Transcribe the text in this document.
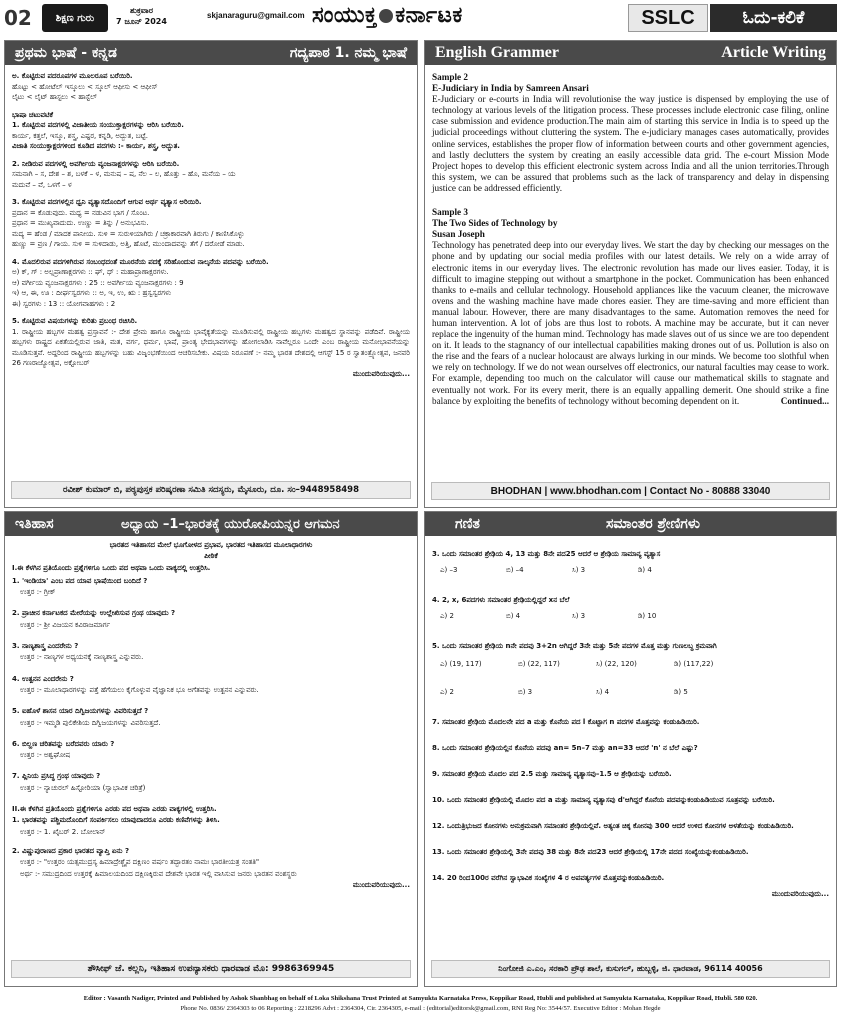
02	ಶಿಕ್ಷಣ ಗುರು
ಶುಕ್ರವಾರ
7 ಜೂನ್ 2024
skjanaraguru@gmail.com ಸಂಯುಕ್ತ ಕರ್ನಾಟಕ	SSLC	ಓದು-ಕಲಿಕೆ
ಪ್ರಥಮ ಭಾಷೆ - ಕನ್ನಡ	ಗದ್ಯಪಾಠ 1. ನಮ್ಮ ಭಾಷೆ
ಅ. ಕೊಟ್ಟಿರುವ ಪದರೂಪಗಳ ಮೂಲರೂಪ ಬರೆಯಿರಿ.
ಹೊಟ್ಟು < ಹೋಟೆಲ್ ಇಸ್ಕೂಲು < ಸ್ಕೂಲ್ ಆಫೀಸು < ಆಫೀಸ್
ಲೈಟು < ಲೈಟ್ ಹಾಸ್ಟಲು < ಹಾಸ್ಟೆಲ್
ಭಾಷಾ ಚಟುವಟಿಕೆ
1. ಕೊಟ್ಟಿರುವ ಪದಗಳಲ್ಲಿ ವಿಜಾತೀಯ ಸಂಯುಕ್ತಾಕ್ಷರಗಳನ್ನು ಆರಿಸಿ ಬರೆಯಿರಿ.
ಕಾರ್ಯ, ಕತ್ತಲೆ, ಇಸ್ಕೂ, ಶಸ್ತ್ರ, ಎಷ್ಟರ, ಕನ್ನಡಿ, ಅದ್ಭುತ, ಬಟ್ಟೆ.
ವಿಜಾತಿ ಸಂಯುಕ್ತಾಕ್ಷರಗಳಿಂದ ಕೂಡಿದ ಪದಗಳು :- ಕಾರ್ಯ, ಶಸ್ತ್ರ, ಅದ್ಭುತ.
2. ನೀಡಿರುವ ಪದಗಳಲ್ಲಿ ಅವರ್ಗೀಯ ವ್ಯಂಜನಾಕ್ಷರಗಳನ್ನು ಆರಿಸಿ ಬರೆಯಿರಿ.
ಸಮನಾಗಿ – ಸ, ದೇಶ – ಶ, ಬಳಕೆ – ಳ, ಮನುಷ – ಷ, ನೆಲ – ಲ, ಹೊತ್ತು – ಹೊ, ಮನೆಯ – ಯ
ಮದುವೆ – ವೆ, ಒಳಗೆ – ಳ
3. ಕೊಟ್ಟಿರುವ ಪದಗಳಲ್ಲಿನ ಧ್ವನಿ ವ್ಯತ್ಯಾಸದೊಂದಿಗೆ ಆಗುವ ಅರ್ಥ ವ್ಯತ್ಯಾಸ ಅರಿಯಿರಿ.
ಪ್ರದಾನ = ಕೊಡುವುದು. ಮಧ್ಯ = ನಡುವಿನ ಭಾಗ / ಸೊಂಟ.
ಪ್ರಧಾನ = ಮುಖ್ಯವಾದುದು. ಉಣ್ಣು = ತಿನ್ನು / ಅನುಭವಿಸು.
ಮದ್ಯ = ಹೆಂಡ / ಮಾದಕ ಪಾನೀಯ. ಸುಳಿ = ಸುರುಳಿಯಾಗಿರು / ಚಕ್ರಾಕಾರವಾಗಿ ತಿರುಗು / ಕಾಣಿಸಿಕೊಳ್ಳು
ಹುಣ್ಣು = ವ್ರಣ / ಗಾಯ. ಸುಳಿ = ಸುಳಿದಾಡು, ಅತ್ತಿ, ಹೊಟೆ, ಮುಂದಾದವನ್ನು ತೆಗೆ / ದರೋಡೆ ಮಾಡು.
4. ಮೊದಲಿರುವ ಪದಗಳಿಗಿರುವ ಸಂಬಂಧದಂತೆ ಮೂರನೆಯ ಪದಕ್ಕೆ ಸರಿಹೊಂದುವ ನಾಲ್ಕನೆಯ ಪದವನ್ನು ಬರೆಯಿರಿ.
ಅ) ಕ್, ಗ್ : ಅಲ್ಪಪ್ರಾಣಾಕ್ಷರಗಳು :: ಘ್, ಧ್ : ಮಹಾಪ್ರಾಣಾಕ್ಷರಗಳು.
ಆ) ವರ್ಗೀಯ ವ್ಯಂಜನಾಕ್ಷರಗಳು : 25 :: ಅವರ್ಗೀಯ ವ್ಯಂಜನಾಕ್ಷರಗಳು : 9
ಇ) ಆ, ಈ, ಊ : ದೀರ್ಘಸ್ವರಗಳು :: ಅ, ಇ, ಉ, ಋ : ಹ್ರಸ್ವಸ್ವರಗಳು
ಈ) ಸ್ವರಗಳು : 13 :: ಯೋಗವಾಹಗಳು : 2
5. ಕೊಟ್ಟಿರುವ ವಿಷಯಗಳನ್ನು ಕುರಿತು ಪ್ರಬಂಧ ರಚಿಸಿರಿ.
1. ರಾಷ್ಟ್ರೀಯ ಹಬ್ಬಗಳ ಮಹತ್ವ ಪ್ರಸ್ತಾವನೆ :- ದೇಶ ಪ್ರೇಮ ಹಾಗೂ ರಾಷ್ಟ್ರೀಯ ಭಾವೈಕ್ಯತೆಯನ್ನು ಮೂಡಿಸುವಲ್ಲಿ ರಾಷ್ಟ್ರೀಯ ಹಬ್ಬಗಳು ಮಹತ್ವದ ಸ್ಥಾನವನ್ನು ಪಡೆದಿವೆ. ರಾಷ್ಟ್ರೀಯ ಹಬ್ಬಗಳು ರಾಷ್ಟ್ರದ ಏಕತೆಯಲ್ಲಿರುವ ಜಾತಿ, ಮತ, ವರ್ಗ, ಧರ್ಮ, ಭಾಷೆ, ಪ್ರಾಂತ್ಯ ಭೇದಭಾವಗಳನ್ನು ಹೋಗಲಾಡಿಸಿ ನಾವೆಲ್ಲರೂ ಒಂದೇ ಎಂಬ ರಾಷ್ಟ್ರೀಯ ಮನೋಭಾವನೆಯನ್ನು ಮೂಡಿಸುತ್ತವೆ. ಅದ್ದರಿಂದ ರಾಷ್ಟ್ರೀಯ ಹಬ್ಬಗಳನ್ನು ಬಹು ವಿಜೃಂಭಣೆಯಿಂದ ಆಚರಿಸಬೇಕು. ವಿಷಯ ನಿರೂಪಣೆ :- ನಮ್ಮ ಭಾರತ ದೇಶದಲ್ಲಿ ಆಗಸ್ಟ್ 15 ರ ಸ್ವಾತಂತ್ರ್ಯೋತ್ಸವ, ಜನವರಿ 26 ಗಣರಾಜ್ಯೋತ್ಸವ, ಅಕ್ಟೋಬರ್
ಮುಂದುವರಿಯುವುದು...
ರವೀಶ್ ಕುಮಾರ್ ಬಿ, ಪಠ್ಯಪುಸ್ತಕ ಪರಿಷ್ಕರಣಾ ಸಮಿತಿ ಸದಸ್ಯರು, ಮೈಸೂರು, ದೂ. ಸಂ–9448958498
English Grammer	Article Writing
Sample 2
E-Judiciary in India by Samreen Ansari
E-Judiciary or e-courts in India will revolutionise the way justice is dispensed by employing the use of technology at various levels of the litigation process. These processes include electronic case filing, online case submission and evidence production.The main aim of starting this service in India is to speed up the judicial proceedings without cluttering the system. The e-judiciary manages cases automatically, provides online services, establishes the proper flow of information between courts and other government agencies, and lastly declutters the system by creating an easily accessible data grid. The e-court Mission Mode Project hopes to develop this efficient electronic system across India and all the union territories.Through this system, we can be assured that problems such as the lack of transparency and delay in dispensing justice can be addressed efficiently.
Sample 3
The Two Sides of Technology by
Susan Joseph
Technology has penetrated deep into our everyday lives. We start the day by checking our messages on the phone and by updating our social media profiles with our latest details. We rely on a wide array of electronic items in our everyday lives. The electronic revolution has made our lives easier. Today, it is difficult to imagine stepping out without a smartphone in the pocket. Communication has been enhanced thanks to e-mails and cellular technology. Household appliances like the vacuum cleaner, the microwave ovens and the washing machine have made chores easier. They are time-saving and more efficient than manual labour. However, there are many disadvantages to the same. Automation removes the need for human intervention. A lot of jobs are thus lost to robots. A machine may be accurate, but it can never replace the ingenuity of the human mind. Technology has made slaves out of us since we are too dependent on it. It leads to the stagnancy of our intellectual capabilities making drones out of us. Pollution is also on the rise and the fears of a nuclear holocaust are always lurking in our minds. We become too slothful when we rely on technology. If we do not wean ourselves off electronics, our natural faculties may cease to work. For example, depending too much on the calculator will cause our mathematical skills to stagnate and eventually not work. For its every merit, there is an equally appalling demerit. One should strike a fine balance by exploiting the benefits of technology without becoming dependent on it.	Continued...
BHODHAN | www.bhodhan.com | Contact No - 80888 33040
ಇತಿಹಾಸ	ಅಧ್ಯಾಯ –1–ಭಾರತಕ್ಕೆ ಯುರೋಪಿಯನ್ನರ ಆಗಮನ
ಭಾರತದ ಇತಿಹಾಸದ ಮೇಲೆ ಭೂಗೋಳದ ಪ್ರಭಾವ, ಭಾರತದ ಇತಿಹಾಸದ ಮೂಲಾಧಾರಗಳು
ಪೀಠಿಕೆ
I.ಈ ಕೆಳಗಿನ ಪ್ರತಿಯೊಂದು ಪ್ರಶ್ನೆಗಳಿಗೂ ಒಂದು ಪದ ಅಥವಾ ಒಂದು ವಾಕ್ಯದಲ್ಲಿ ಉತ್ತರಿಸಿ.
1. 'ಇಂಡಿಯಾ' ಎಂಬ ಪದ ಯಾವ ಭಾಷೆಯಿಂದ ಬಂದಿದೆ ?
ಉತ್ತರ :- ಗ್ರೀಕ್
2. ಪ್ರಾಚೀನ ಕರ್ನಾಟಕದ ಮೇರೆಯನ್ನು ಉಲ್ಲೇಖಿಸುವ ಗ್ರಂಥ ಯಾವುದು ?
ಉತ್ತರ :- ಶ್ರೀ ವಿಜಯನ ಕವಿರಾಜಮಾರ್ಗ
3. ನಾಣ್ಯಶಾಸ್ತ್ರ ಎಂದರೇನು ?
ಉತ್ತರ :- ನಾಣ್ಯಗಳ ಅಧ್ಯಯನಕ್ಕೆ ನಾಣ್ಯಶಾಸ್ತ್ರ ಎನ್ನುವರು.
4. ಉತ್ಖನನ ಎಂದರೇನು ?
ಉತ್ತರ :- ಮೂಲಾಧಾರಗಳನ್ನು ಪತ್ತೆ ಹೆಗೆಯಲು ಕೈಗೊಳ್ಳುವ ವೈಜ್ಞಾನಿಕ ಭೂ ಅಗೆತವನ್ನು ಉತ್ಖನನ ಎನ್ನುವರು.
5. ಐಹೊಳೆ ಶಾಸನ ಯಾರ ದಿಗ್ವಿಜಯಗಳನ್ನು ವಿವರಿಸುತ್ತದೆ ?
ಉತ್ತರ :- ಇಮ್ಮಡಿ ಪುಲಿಕೇಶಿಯ ದಿಗ್ವಿಜಯಗಳನ್ನು ವಿವರಿಸುತ್ತದೆ.
6. ಬಿಲ್ಹಣ ಚರಿತವನ್ನು ಬರೆದವರು ಯಾರು ?
ಉತ್ತರ :- ಅಶ್ವಘೋಷ
7. ಪ್ಲಿನಿಯ ಪ್ರಸಿದ್ಧ ಗ್ರಂಥ ಯಾವುದು ?
ಉತ್ತರ :- ನ್ಯಾಚುರಲ್ ಹಿಸ್ಟೋರಿಯಾ (ಸ್ವಾಭಾವಿಕ ಚರಿತ್ರೆ)
II.ಈ ಕೆಳಗಿನ ಪ್ರತಿಯೊಂದು ಪ್ರಶ್ನೆಗಳಿಗೂ ಎರಡು ಪದ ಅಥವಾ ಎರಡು ವಾಕ್ಯಗಳಲ್ಲಿ ಉತ್ತರಿಸಿ.
1. ಭಾರತವನ್ನು ಪಶ್ಚಿಮದೊಂದಿಗೆ ಸಂಪರ್ಕಿಸಲು ಯಾವುದಾದರೂ ಎರಡು ಕಣಿವೆಗಳನ್ನು ತಿಳಿಸಿ.
ಉತ್ತರ :- 1. ಖೈಬರ್ 2. ಬೋಲಾನ್
2. ವಿಷ್ಣುಪುರಾಣದ ಪ್ರಕಾರ ಭಾರತದ ವ್ಯಾಪ್ತಿ ಏನು ?
ಉತ್ತರ :- "ಉತ್ತರಂ ಯತ್ಸಮುದ್ರಸ್ಯ ಹಿಮಾದ್ರೇಶ್ಚೈವ ದಕ್ಷಿಣಂ ವರ್ಷಂ ತದ್ಭಾರತಂ ನಾಮಃ ಭಾರತೀಯತ್ರ ಸಂತತಿ"
ಅರ್ಥ :- ಸಮುದ್ರದಿಂದ ಉತ್ತರಕ್ಕೆ ಹಿಮಾಲಯದಿಂದ ದಕ್ಷಿಣಕ್ಕಿರುವ ದೇಶವೇ ಭಾರತ ಇಲ್ಲಿ ವಾಸಿಸುವ ಜನರು ಭಾರತನ ವಂಶಸ್ಥರು
ಮುಂದುವರಿಯುವುದು...
ತೌಸೀಫ್ ಜೆ. ಕಲ್ಲನಿ, ಇತಿಹಾಸ ಉಪನ್ಯಾಸಕರು ಧಾರವಾಡ ಮೊ: 9986369945
ಗಣಿತ	ಸಮಾಂತರ ಶ್ರೇಣಿಗಳು
3. ಒಂದು ಸಮಾಂತರ ಶ್ರೇಢಿಯ 4, 13 ಮತ್ತು 8ನೇ ಪದ25 ಆದರೆ ಆ ಶ್ರೇಢಿಯ ಸಾಮಾನ್ಯ ವ್ಯತ್ಯಾಸ
ಎ) –3	ಬಿ) –4	ಸಿ) 3	ಡಿ) 4
4. 2, x, 6ಪದಗಳು ಸಮಾಂತರ ಶ್ರೇಢಿಯಲ್ಲಿದ್ದರೆ xನ ಬೆಲೆ
ಎ) 2	ಬಿ) 4	ಸಿ) 3	ಡಿ) 10
5. ಒಂದು ಸಮಾಂತರ ಶ್ರೇಢಿಯ nನೇ ಪದವು 3+2n ಆಗಿದ್ದರೆ 3ನೇ ಮತ್ತು 5ನೇ ಪದಗಳ ಮೊತ್ತ ಮತ್ತು ಗುಣಲಬ್ಧ ಕ್ರಮವಾಗಿ
ಎ) (19, 117)	ಬಿ) (22, 117)	ಸಿ) (22, 120)	ಡಿ) (117,22)
ಎ) 2	ಬಿ) 3	ಸಿ) 4	ಡಿ) 5
7. ಸಮಾಂತರ ಶ್ರೇಢಿಯ ಮೊದಲನೇ ಪದ a ಮತ್ತು ಕೊನೆಯ ಪದ l ಕೊಟ್ಟಾಗ n ಪದಗಳ ಮೊತ್ತವನ್ನು ಕಂಡುಹಿಡಿಯಿರಿ.
8. ಒಂದು ಸಮಾಂತರ ಶ್ರೇಢಿಯಲ್ಲಿನ ಕೊನೆಯ ಪದವು an= 5n–7 ಮತ್ತು an=33 ಆದರೆ 'n' ನ ಬೆಲೆ ಎಷ್ಟು?
9. ಸಮಾಂತರ ಶ್ರೇಢಿಯ ಮೊದಲ ಪದ 2.5 ಮತ್ತು ಸಾಮಾನ್ಯ ವ್ಯತ್ಯಾಸವು–1.5 ಆ ಶ್ರೇಢಿಯನ್ನು ಬರೆಯಿರಿ.
10. ಒಂದು ಸಮಾಂತರ ಶ್ರೇಢಿಯಲ್ಲಿ ಮೊದಲ ಪದ a ಮತ್ತು ಸಾಮಾನ್ಯ ವ್ಯತ್ಯಾಸವು d'ಆಗಿದ್ದರೆ ಕೊನೆಯ ಪದವನ್ನುಕಂಡುಹಿಡಿಯುವ ಸೂತ್ರವನ್ನು ಬರೆಯಿರಿ.
12. ಒಂದುತ್ರಿಭುಜದ ಕೋನಗಳು ಅನುಕ್ರಮವಾಗಿ ಸಮಾಂತರ ಶ್ರೇಢಿಯಲ್ಲಿವೆ. ಅತ್ಯಂತ ಚಿಕ್ಕ ಕೋನವು 300 ಆದರೆ ಉಳಿದ ಕೋನಗಳ ಅಳತೆಯನ್ನು ಕಂಡುಹಿಡಿಯಿರಿ.
13. ಒಂದು ಸಮಾಂತರ ಶ್ರೇಢಿಯಲ್ಲಿ 3ನೇ ಪದವು 38 ಮತ್ತು 8ನೇ ಪದ23 ಆದರೆ ಶ್ರೇಢಿಯಲ್ಲಿ 17ನೇ ಪದದ ಸಂಖ್ಯೆಯನ್ನುಕಂಡುಹಿಡಿಯಿರಿ.
14. 20 ರಿಂದ100ರ ವರೆಗಿನ ಸ್ವಾಭಾವಿಕ ಸಂಖ್ಯೆಗಳ 4 ರ ಅಪವರ್ತ್ಯಗಳ ಮೊತ್ತವನ್ನುಕಂಡುಹಿಡಿಯಿರಿ.
ಮುಂದುವರಿಯುವುದು...
ನಿಂಗೋಜಿ ಎ.ಎಂ, ಸರಕಾರಿ ಪ್ರೌಢ ಶಾಲೆ, ಕುಸುಗಲ್, ಹುಬ್ಬಳ್ಳಿ, ಜಿ. ಧಾರವಾಡ, 96114 40056
Editor : Vasanth Nadiger, Printed and Published by Ashok Shanbhag on behalf of Loka Shikshana Trust Printed at Samyukta Karnataka Press, Koppikar Road, Hubli and published at Samyukta Karnataka, Koppikar Road, Hubli. 580 020.
Phone No. 0836/ 2364303 to 06 Reporting : 2218296 Advt : 2364304, Cir. 2364305, e-mail : (editorial)editorsk@gmail.com, RNI Reg No: 3544/57. Executive Editor : Mohan Hegde
